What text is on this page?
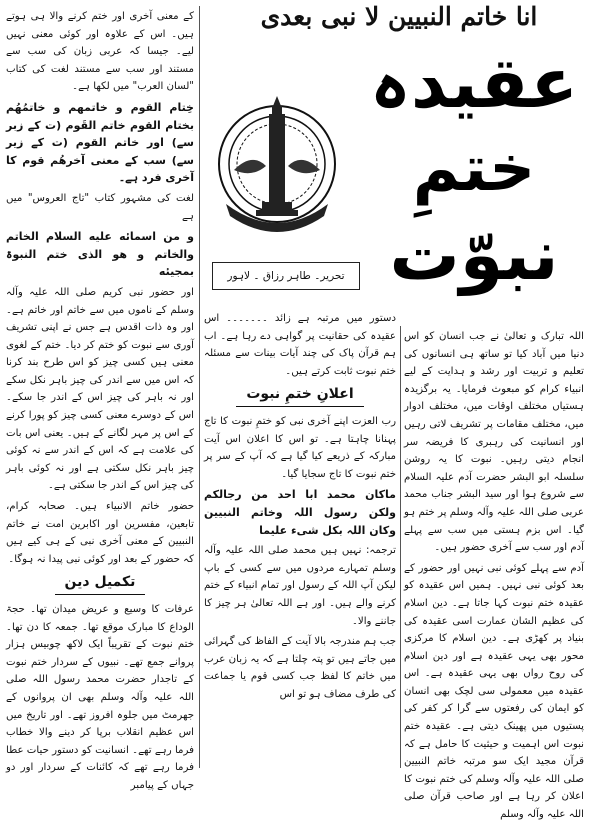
انا خاتم النبیین لا نبی بعدی
عقیدہ
ختمِ
نبوّت
تحریر۔ طاہر رزاق ۔ لاہور

کے معنی آخری اور ختم کرنے والا ہی ہوتے ہیں۔ اس کے علاوہ اور کوئی معنی نہیں لیے۔ جیسا کہ عربی زبان کی سب سے مستند اور سب سے مستند لغت کی کتاب "لسان العرب" میں لکھا ہے۔

خِتام القوم و خاتمھم و خاتمُھُم بختام القوم خاتم القَوم (ت کے زبر سے) اور خاتم القوم (ت کے زیر سے) سب کے معنی آخرھُم قوم کا آخری فرد ہے۔

لغت کی مشہور کتاب "تاج العروس" میں ہے

و من اسمائه علیه السلام الخاتم والخاتم و هو الذی ختم النبوۃ بمجیئه

اور حضور نبی کریم صلی اللہ علیہ وآلہ وسلم کے ناموں میں سے خاتم اور خاتم ہے۔ اور وہ ذات اقدس ہے جس نے اپنی تشریف آوری سے نبوت کو ختم کر دیا۔ ختم کے لغوی معنی ہیں کسی چیز کو اس طرح بند کرنا کہ اس میں سے اندر کی چیز باہر نکل سکے اور نہ باہر کی چیز اس کے اندر جا سکے۔ اس کے دوسرے معنی کسی چیز کو پورا کرنے کے اس پر مہر لگانے کے ہیں۔ یعنی اس بات کی علامت ہے کہ اس کے اندر سے نہ کوئی چیز باہر نکل سکتی ہے اور نہ کوئی باہر کی چیز اس کے اندر جا سکتی ہے۔

حضور خاتم الانبیاء ہیں۔ صحابہ کرام، تابعین، مفسرین اور اکابرین امت نے خاتم النبیین کے معنی آخری نبی کے ہی کیے ہیں کہ حضور کے بعد اور کوئی نبی پیدا نہ ہوگا۔

تکمیل دین

عرفات کا وسیع و عریض میدان تھا۔ حجۃ الوداع کا مبارک موقع تھا۔ جمعہ کا دن تھا۔ ختم نبوت کے تقریباً ایک لاکھ چوبیس ہزار پروانے جمع تھے۔ نبیوں کے سردار ختم نبوت کے تاجدار حضرت محمد رسول اللہ صلی اللہ علیہ وآلہ وسلم بھی ان پروانوں کے جھرمٹ میں جلوہ افروز تھے۔ اور تاریخ میں اس عظیم انقلاب برپا کر دینے والا خطاب فرما رہے تھے۔ انسانیت کو دستور حیات عطا فرما رہے تھے کہ کائنات کے سردار اور دو جہاں کے پیامبر

دستور میں مرتبہ ہے زائد ۔۔۔۔۔۔۔ اس عقیدہ کی حقانیت پر گواہی دے رہا ہے۔ اب ہم قرآن پاک کی چند آیات بینات سے مسئلہ ختم نبوت ثابت کرتے ہیں۔

اعلانِ ختمِ نبوت

رب العزت اپنے آخری نبی کو ختمِ نبوت کا تاج پہنانا چاہتا ہے۔ تو اس کا اعلان اس آیت مبارکہ کے ذریعے کیا گیا ہے کہ آپ کے سر پر ختم نبوت کا تاج سجایا گیا۔

ماکان محمد ابا احد من رجالکم ولکن رسول اللہ وخاتم النبیین وکان اللہ بکل شیء علیما

ترجمہ: نہیں ہیں محمد صلی اللہ علیہ وآلہ وسلم تمہارے مردوں میں سے کسی کے باپ لیکن آپ اللہ کے رسول اور تمام انبیاء کے ختم کرنے والے ہیں۔ اور ہے اللہ تعالیٰ ہر چیز کا جاننے والا۔

جب ہم مندرجہ بالا آیت کے الفاظ کی گہرائی میں جاتے ہیں تو پتہ چلتا ہے کہ یہ زبان عرب میں خاتم کا لفظ جب کسی قوم یا جماعت کی طرف مضاف ہو تو اس

اللہ تبارک و تعالیٰ نے جب انسان کو اس دنیا میں آباد کیا تو ساتھ ہی انسانوں کی تعلیم و تربیت اور رشد و ہدایت کے لیے انبیاء کرام کو مبعوث فرمایا۔ یہ برگزیدہ ہستیاں مختلف اوقات میں، مختلف ادوار میں، مختلف مقامات پر تشریف لاتی رہیں اور انسانیت کی رہبری کا فریضہ سر انجام دیتی رہیں۔ نبوت کا یہ روشن سلسلہ ابو البشر حضرت آدم علیہ السلام سے شروع ہوا اور سید البشر جناب محمد عربی صلی اللہ علیہ وآلہ وسلم پر ختم ہو گیا۔ اس بزم ہستی میں سب سے پہلے آدم اور سب سے آخری حضور ہیں۔

آدم سے پہلے کوئی نبی نہیں اور حضور کے بعد کوئی نبی نہیں۔ ہمیں اس عقیدہ کو عقیدہ ختم نبوت کہا جاتا ہے۔ دین اسلام کی عظیم الشان عمارت اسی عقیدہ کی بنیاد پر کھڑی ہے۔ دین اسلام کا مرکزی محور بھی یہی عقیدہ ہے اور دین اسلام کی روح رواں بھی یہی عقیدہ ہے۔ اس عقیدہ میں معمولی سی لچک بھی انسان کو ایمان کی رفعتوں سے گرا کر کفر کی پستیوں میں پھینک دیتی ہے۔ عقیدہ ختم نبوت اس اہمیت و حیثیت کا حامل ہے کہ قرآن مجید ایک سو مرتبہ خاتم النبیین صلی اللہ علیہ وآلہ وسلم کی ختم نبوت کا اعلان کر رہا ہے اور صاحب قرآن صلی اللہ علیہ وآلہ وسلم
